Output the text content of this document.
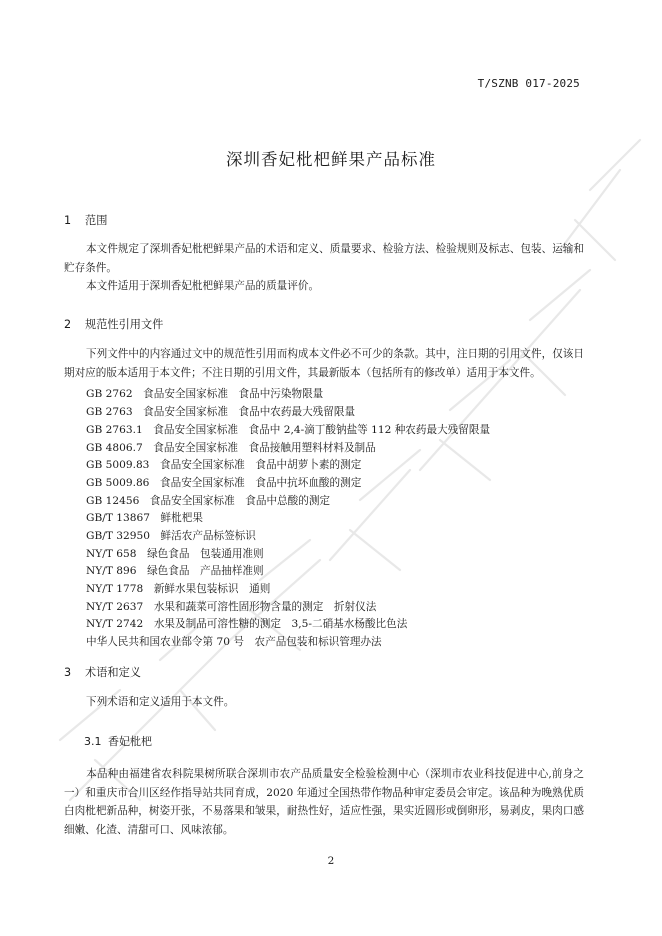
T/SZNB 017-2025
深圳香妃枇杷鲜果产品标准
1 范围
本文件规定了深圳香妃枇杷鲜果产品的术语和定义、质量要求、检验方法、检验规则及标志、包装、运输和贮存条件。
本文件适用于深圳香妃枇杷鲜果产品的质量评价。
2 规范性引用文件
下列文件中的内容通过文中的规范性引用而构成本文件必不可少的条款。其中，注日期的引用文件，仅该日期对应的版本适用于本文件；不注日期的引用文件，其最新版本（包括所有的修改单）适用于本文件。
GB 2762　 食品安全国家标准　食品中污染物限量
GB 2763　 食品安全国家标准　食品中农药最大残留限量
GB 2763.1　 食品安全国家标准　食品中 2,4-滴丁酸钠盐等 112 种农药最大残留限量
GB 4806.7　 食品安全国家标准　食品接触用塑料材料及制品
GB 5009.83　 食品安全国家标准　食品中胡萝卜素的测定
GB 5009.86　 食品安全国家标准　食品中抗坏血酸的测定
GB 12456　 食品安全国家标准　食品中总酸的测定
GB/T 13867　 鲜枇杷果
GB/T 32950　 鲜活农产品标签标识
NY/T 658　 绿色食品　包装通用准则
NY/T 896　 绿色食品　产品抽样准则
NY/T 1778　 新鲜水果包装标识　通则
NY/T 2637　 水果和蔬菜可溶性固形物含量的测定　折射仪法
NY/T 2742　 水果及制品可溶性糖的测定　3,5-二硝基水杨酸比色法
中华人民共和国农业部令第 70 号　 农产品包装和标识管理办法
3 术语和定义
下列术语和定义适用于本文件。
3.1 香妃枇杷
本品种由福建省农科院果树所联合深圳市农产品质量安全检验检测中心（深圳市农业科技促进中心,前身之一）和重庆市合川区经作指导站共同育成，2020 年通过全国热带作物品种审定委员会审定。该品种为晚熟优质白肉枇杷新品种，树姿开张，不易落果和皱果，耐热性好，适应性强，果实近圆形或倒卵形，易剥皮，果肉口感细嫩、化渣、清甜可口、风味浓郁。
2
